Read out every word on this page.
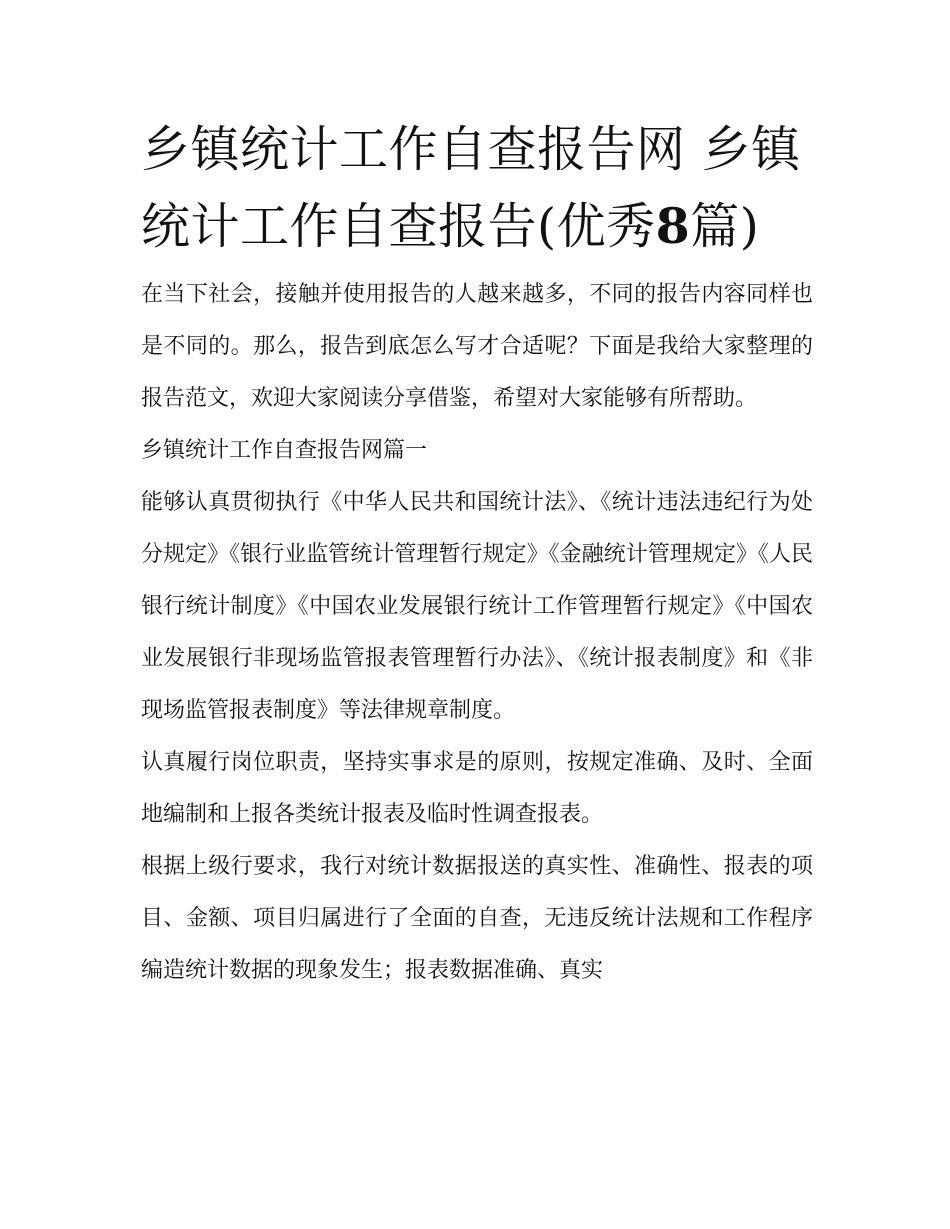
乡镇统计工作自查报告网 乡镇统计工作自查报告(优秀8篇)

在当下社会，接触并使用报告的人越来越多，不同的报告内容同样也是不同的。那么，报告到底怎么写才合适呢？下面是我给大家整理的报告范文，欢迎大家阅读分享借鉴，希望对大家能够有所帮助。

乡镇统计工作自查报告网篇一

能够认真贯彻执行《中华人民共和国统计法》、《统计违法违纪行为处分规定》《银行业监管统计管理暂行规定》《金融统计管理规定》《人民银行统计制度》《中国农业发展银行统计工作管理暂行规定》《中国农业发展银行非现场监管报表管理暂行办法》、《统计报表制度》和《非现场监管报表制度》等法律规章制度。

认真履行岗位职责，坚持实事求是的原则，按规定准确、及时、全面地编制和上报各类统计报表及临时性调查报表。

根据上级行要求，我行对统计数据报送的真实性、准确性、报表的项目、金额、项目归属进行了全面的自查，无违反统计法规和工作程序编造统计数据的现象发生；报表数据准确、真实
